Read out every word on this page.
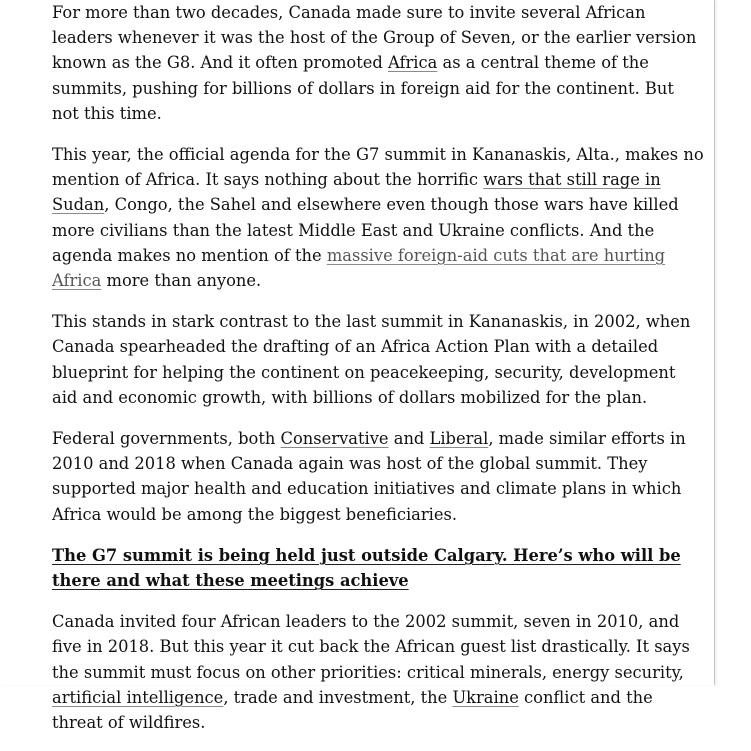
For more than two decades, Canada made sure to invite several African leaders whenever it was the host of the Group of Seven, or the earlier version known as the G8. And it often promoted Africa as a central theme of the summits, pushing for billions of dollars in foreign aid for the continent. But not this time.

This year, the official agenda for the G7 summit in Kananaskis, Alta., makes no mention of Africa. It says nothing about the horrific wars that still rage in Sudan, Congo, the Sahel and elsewhere even though those wars have killed more civilians than the latest Middle East and Ukraine conflicts. And the agenda makes no mention of the massive foreign-aid cuts that are hurting Africa more than anyone.

This stands in stark contrast to the last summit in Kananaskis, in 2002, when Canada spearheaded the drafting of an Africa Action Plan with a detailed blueprint for helping the continent on peacekeeping, security, development aid and economic growth, with billions of dollars mobilized for the plan.

Federal governments, both Conservative and Liberal, made similar efforts in 2010 and 2018 when Canada again was host of the global summit. They supported major health and education initiatives and climate plans in which Africa would be among the biggest beneficiaries.

The G7 summit is being held just outside Calgary. Here’s who will be there and what these meetings achieve

Canada invited four African leaders to the 2002 summit, seven in 2010, and five in 2018. But this year it cut back the African guest list drastically. It says the summit must focus on other priorities: critical minerals, energy security, artificial intelligence, trade and investment, the Ukraine conflict and the threat of wildfires.
